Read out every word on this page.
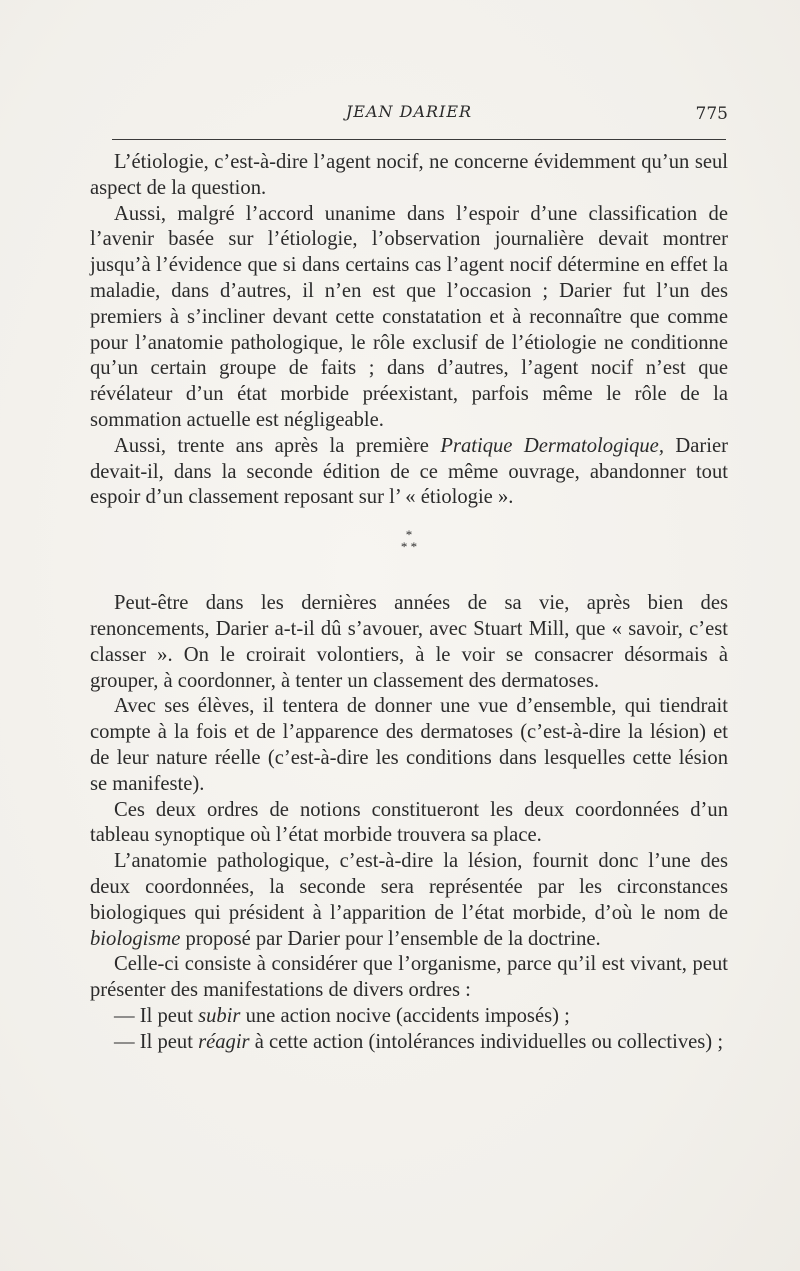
JEAN DARIER	775

L’étiologie, c’est-à-dire l’agent nocif, ne concerne évidemment qu’un seul aspect de la question.

Aussi, malgré l’accord unanime dans l’espoir d’une classification de l’avenir basée sur l’étiologie, l’observation journalière devait montrer jusqu’à l’évidence que si dans certains cas l’agent nocif détermine en effet la maladie, dans d’autres, il n’en est que l’occasion ; Darier fut l’un des premiers à s’incliner devant cette constatation et à reconnaître que comme pour l’anatomie pathologique, le rôle exclusif de l’étiologie ne conditionne qu’un certain groupe de faits ; dans d’autres, l’agent nocif n’est que révélateur d’un état morbide préexistant, parfois même le rôle de la sommation actuelle est négligeable.

Aussi, trente ans après la première Pratique Dermatologique, Darier devait-il, dans la seconde édition de ce même ouvrage, abandonner tout espoir d’un classement reposant sur l’ « étiologie ».

*
* *

Peut-être dans les dernières années de sa vie, après bien des renoncements, Darier a-t-il dû s’avouer, avec Stuart Mill, que « savoir, c’est classer ». On le croirait volontiers, à le voir se consacrer désormais à grouper, à coordonner, à tenter un classement des dermatoses.

Avec ses élèves, il tentera de donner une vue d’ensemble, qui tiendrait compte à la fois et de l’apparence des dermatoses (c’est-à-dire la lésion) et de leur nature réelle (c’est-à-dire les conditions dans lesquelles cette lésion se manifeste).

Ces deux ordres de notions constitueront les deux coordonnées d’un tableau synoptique où l’état morbide trouvera sa place.

L’anatomie pathologique, c’est-à-dire la lésion, fournit donc l’une des deux coordonnées, la seconde sera représentée par les circonstances biologiques qui président à l’apparition de l’état morbide, d’où le nom de biologisme proposé par Darier pour l’ensemble de la doctrine.

Celle-ci consiste à considérer que l’organisme, parce qu’il est vivant, peut présenter des manifestations de divers ordres :

— Il peut subir une action nocive (accidents imposés) ;

— Il peut réagir à cette action (intolérances individuelles ou collectives) ;
